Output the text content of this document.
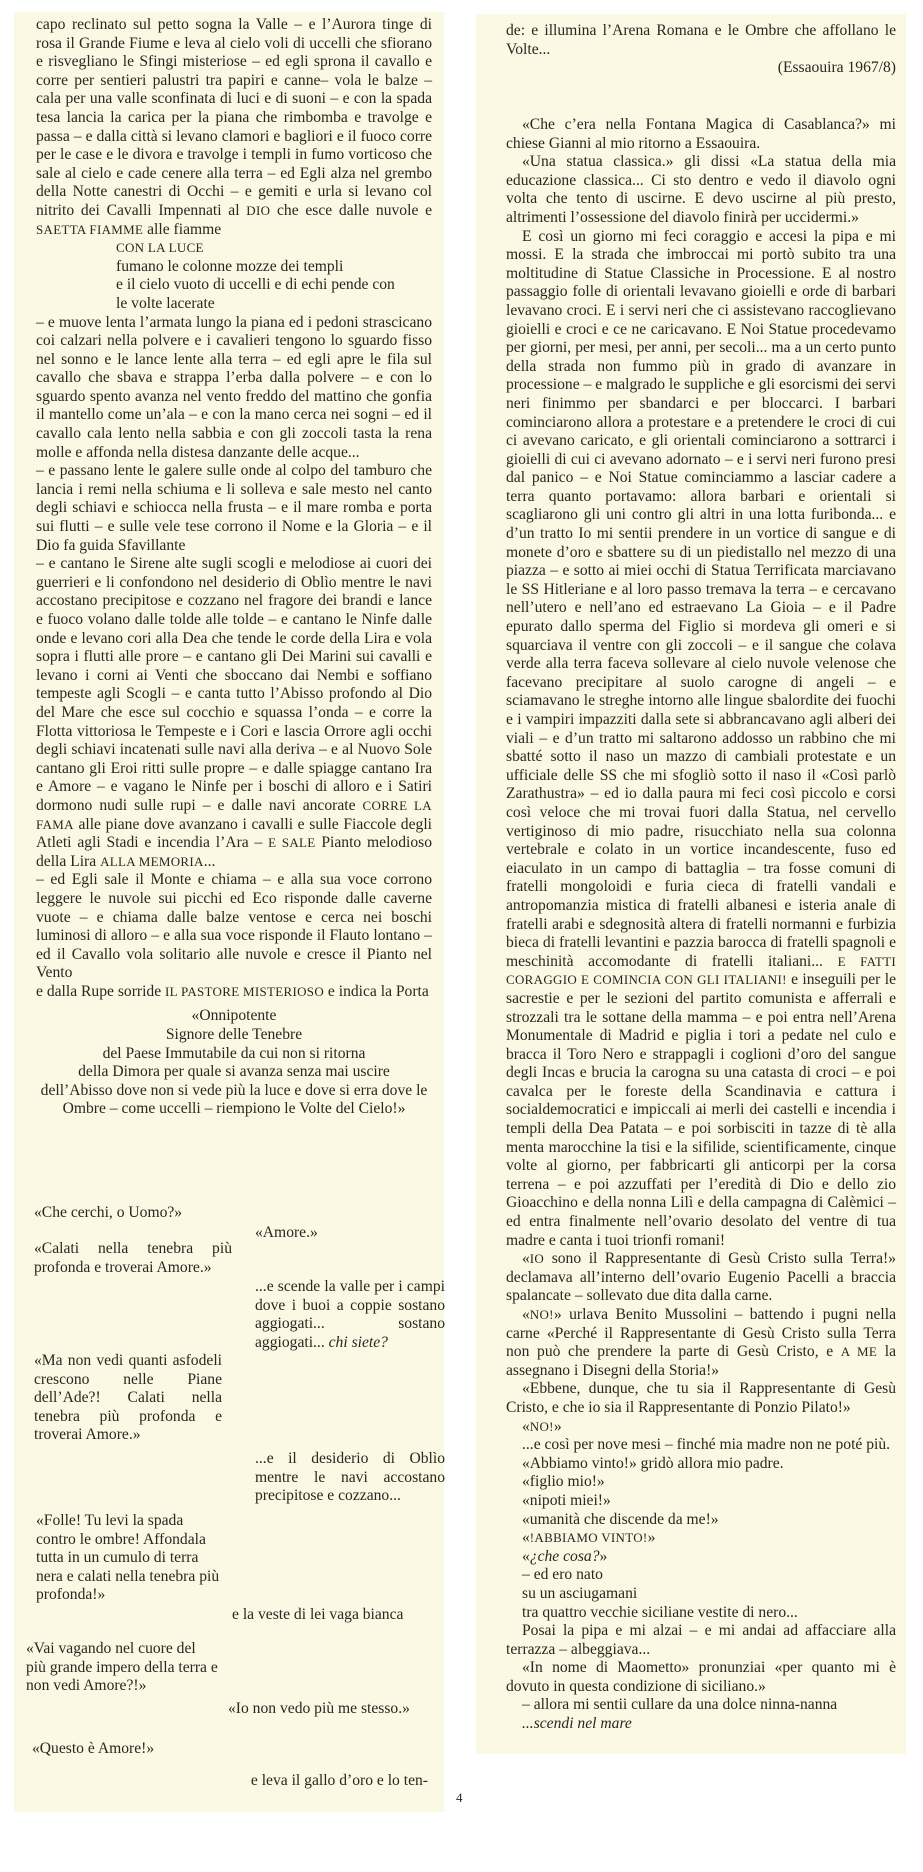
capo reclinato sul petto sogna la Valle – e l’Aurora tinge di rosa il Grande Fiume e leva al cielo voli di uccelli che sfiorano e risvegliano le Sfingi misteriose – ed egli sprona il cavallo e corre per sentieri palustri tra papiri e canne– vola le balze – cala per una valle sconfinata di luci e di suoni – e con la spada tesa lancia la carica per la piana che rimbomba e travolge e passa – e dalla città si levano clamori e bagliori e il fuoco corre per le case e le divora e travolge i templi in fumo vorticoso che sale al cielo e cade cenere alla terra – ed Egli alza nel grembo della Notte canestri di Occhi – e gemiti e urla si levano col nitrito dei Cavalli Impennati al DIO che esce dalle nuvole e SAETTA FIAMME alle fiamme

CON LA LUCE
fumano le colonne mozze dei templi
e il cielo vuoto di uccelli e di echi pende con
le volte lacerate

– e muove lenta l’armata lungo la piana ed i pedoni strascicano coi calzari nella polvere e i cavalieri tengono lo sguardo fisso nel sonno e le lance lente alla terra – ed egli apre le fila sul cavallo che sbava e strappa l’erba dalla polvere – e con lo sguardo spento avanza nel vento freddo del mattino che gonfia il mantello come un’ala – e con la mano cerca nei sogni – ed il cavallo cala lento nella sabbia e con gli zoccoli tasta la rena molle e affonda nella distesa danzante delle acque...

– e passano lente le galere sulle onde al colpo del tamburo che lancia i remi nella schiuma e li solleva e sale mesto nel canto degli schiavi e schiocca nella frusta – e il mare romba e porta sui flutti – e sulle vele tese corrono il Nome e la Gloria – e il Dio fa guida Sfavillante

– e cantano le Sirene alte sugli scogli e melodiose ai cuori dei guerrieri e li confondono nel desiderio di Oblìo mentre le navi accostano precipitose e cozzano nel fragore dei brandi e lance e fuoco volano dalle tolde alle tolde – e cantano le Ninfe dalle onde e levano cori alla Dea che tende le corde della Lira e vola sopra i flutti alle prore – e cantano gli Dei Marini sui cavalli e levano i corni ai Venti che sboccano dai Nembi e soffiano tempeste agli Scogli – e canta tutto l’Abisso profondo al Dio del Mare che esce sul cocchio e squassa l’onda – e corre la Flotta vittoriosa le Tempeste e i Cori e lascia Orrore agli occhi degli schiavi incatenati sulle navi alla deriva – e al Nuovo Sole cantano gli Eroi ritti sulle propre – e dalle spiagge cantano Ira e Amore – e vagano le Ninfe per i boschi di alloro e i Satiri dormono nudi sulle rupi – e dalle navi ancorate CORRE LA FAMA alle piane dove avanzano i cavalli e sulle Fiaccole degli Atleti agli Stadi e incendia l’Ara – E SALE Pianto melodioso della Lira ALLA MEMORIA...

– ed Egli sale il Monte e chiama – e alla sua voce corrono leggere le nuvole sui picchi ed Eco risponde dalle caverne vuote – e chiama dalle balze ventose e cerca nei boschi luminosi di alloro – e alla sua voce risponde il Flauto lontano – ed il Cavallo vola solitario alle nuvole e cresce il Pianto nel Vento

e dalla Rupe sorride IL PASTORE MISTERIOSO e indica la Porta

«Onnipotente
Signore delle Tenebre
del Paese Immutabile da cui non si ritorna
della Dimora per quale si avanza senza mai uscire
dell’Abisso dove non si vede più la luce e dove si erra dove le Ombre – come uccelli – riempiono le Volte del Cielo!»
«Che cerchi, o Uomo?»
«Amore.»
«Calati nella tenebra più profonda e troverai Amore.»
...e scende la valle per i campi dove i buoi a coppie sostano aggiogati... sostano aggiogati... chi siete?
«Ma non vedi quanti asfodeli crescono nelle Piane dell’Ade?! Calati nella tenebra più profonda e troverai Amore.»
...e il desiderio di Oblìo mentre le navi accostano precipitose e cozzano...
«Folle! Tu levi la spada contro le ombre! Affondala tutta in un cumulo di terra nera e calati nella tenebra più profonda!»
e la veste di lei vaga bianca
«Vai vagando nel cuore del più grande impero della terra e non vedi Amore?!»
«Io non vedo più me stesso.»
«Questo è Amore!»
e leva il gallo d’oro e lo ten-

de: e illumina l’Arena Romana e le Ombre che affollano le Volte...

(Essaouira 1967/8)

«Che c’era nella Fontana Magica di Casablanca?» mi chiese Gianni al mio ritorno a Essaouira.

«Una statua classica.» gli dissi «La statua della mia educazione classica... Ci sto dentro e vedo il diavolo ogni volta che tento di uscirne. E devo uscirne al più presto, altrimenti l’ossessione del diavolo finirà per uccidermi.»

E così un giorno mi feci coraggio e accesi la pipa e mi mossi. E la strada che imbroccai mi portò subito tra una moltitudine di Statue Classiche in Processione. E al nostro passaggio folle di orientali levavano gioielli e orde di barbari levavano croci. E i servi neri che ci assistevano raccoglievano gioielli e croci e ce ne caricavano. E Noi Statue procedevamo per giorni, per mesi, per anni, per secoli... ma a un certo punto della strada non fummo più in grado di avanzare in processione – e malgrado le suppliche e gli esorcismi dei servi neri finimmo per sbandarci e per bloccarci. I barbari cominciarono allora a protestare e a pretendere le croci di cui ci avevano caricato, e gli orientali cominciarono a sottrarci i gioielli di cui ci avevano adornato – e i servi neri furono presi dal panico – e Noi Statue cominciammo a lasciar cadere a terra quanto portavamo: allora barbari e orientali si scagliarono gli uni contro gli altri in una lotta furibonda... e d’un tratto Io mi sentii prendere in un vortice di sangue e di monete d’oro e sbattere su di un piedistallo nel mezzo di una piazza – e sotto ai miei occhi di Statua Terrificata marciavano le SS Hitleriane e al loro passo tremava la terra – e cercavano nell’utero e nell’ano ed estraevano La Gioia – e il Padre epurato dallo sperma del Figlio si mordeva gli omeri e si squarciava il ventre con gli zoccoli – e il sangue che colava verde alla terra faceva sollevare al cielo nuvole velenose che facevano precipitare al suolo carogne di angeli – e sciamavano le streghe intorno alle lingue sbalordite dei fuochi e i vampiri impazziti dalla sete si abbrancavano agli alberi dei viali – e d’un tratto mi saltarono addosso un rabbino che mi sbatté sotto il naso un mazzo di cambiali protestate e un ufficiale delle SS che mi sfogliò sotto il naso il «Così parlò Zarathustra» – ed io dalla paura mi feci così piccolo e corsi così veloce che mi trovai fuori dalla Statua, nel cervello vertiginoso di mio padre, risucchiato nella sua colonna vertebrale e colato in un vortice incandescente, fuso ed eiaculato in un campo di battaglia – tra fosse comuni di fratelli mongoloidi e furia cieca di fratelli vandali e antropomanzia mistica di fratelli albanesi e isteria anale di fratelli arabi e sdegnosità altera di fratelli normanni e furbizia bieca di fratelli levantini e pazzia barocca di fratelli spagnoli e meschinità accomodante di fratelli italiani... E FATTI CORAGGIO E COMINCIA CON GLI ITALIANI! e inseguili per le sacrestie e per le sezioni del partito comunista e afferrali e strozzali tra le sottane della mamma – e poi entra nell’Arena Monumentale di Madrid e piglia i tori a pedate nel culo e bracca il Toro Nero e strappagli i coglioni d’oro del sangue degli Incas e brucia la carogna su una catasta di croci – e poi cavalca per le foreste della Scandinavia e cattura i socialdemocratici e impiccali ai merli dei castelli e incendia i templi della Dea Patata – e poi sorbisciti in tazze di tè alla menta marocchine la tisi e la sifilide, scientificamente, cinque volte al giorno, per fabbricarti gli anticorpi per la corsa terrena – e poi azzuffati per l’eredità di Dio e dello zio Gioacchino e della nonna Lilì e della campagna di Calèmici – ed entra finalmente nell’ovario desolato del ventre di tua madre e canta i tuoi trionfi romani!

«IO sono il Rappresentante di Gesù Cristo sulla Terra!» declamava all’interno dell’ovario Eugenio Pacelli a braccia spalancate – sollevato due dita dalla carne.

«NO!» urlava Benito Mussolini – battendo i pugni nella carne «Perché il Rappresentante di Gesù Cristo sulla Terra non può che prendere la parte di Gesù Cristo, e A ME la assegnano i Disegni della Storia!»

«Ebbene, dunque, che tu sia il Rappresentante di Gesù Cristo, e che io sia il Rappresentante di Ponzio Pilato!»

«NO!»

...e così per nove mesi – finché mia madre non ne poté più.

«Abbiamo vinto!» gridò allora mio padre.

«figlio mio!»

«nipoti miei!»

«umanità che discende da me!»

«!ABBIAMO VINTO!»

«¿che cosa?»

– ed ero nato

su un asciugamani

tra quattro vecchie siciliane vestite di nero...

Posai la pipa e mi alzai – e mi andai ad affacciare alla terrazza – albeggiava...

«In nome di Maometto» pronunziai «per quanto mi è dovuto in questa condizione di siciliano.»

– allora mi sentii cullare da una dolce ninna-nanna

...scendi nel mare

4
